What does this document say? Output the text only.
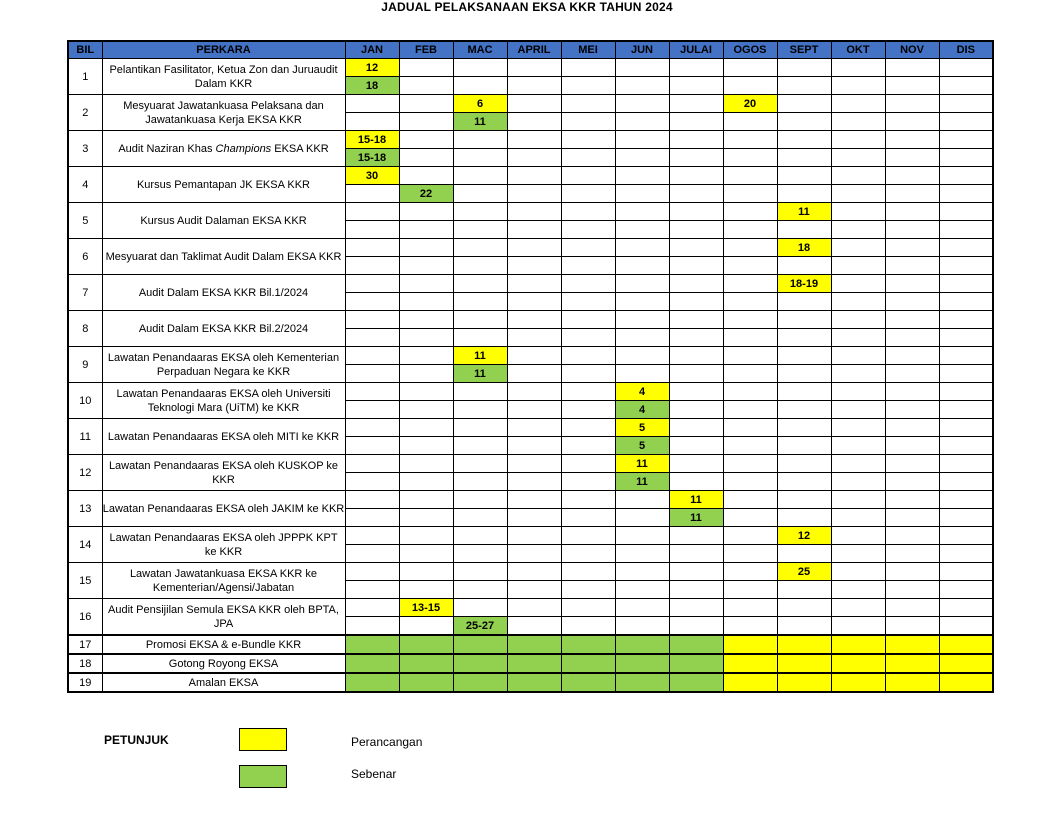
JADUAL PELAKSANAAN EKSA KKR TAHUN 2024
BIL	PERKARA	JAN	FEB	MAC	APRIL	MEI	JUN	JULAI	OGOS	SEPT	OKT	NOV	DIS
1	Pelantikan Fasilitator, Ketua Zon dan Juruaudit Dalam KKR	12											
		18											
2	Mesyuarat Jawatankuasa Pelaksana dan Jawatankuasa Kerja EKSA KKR			6					20				
				11									
3	Audit Naziran Khas Champions EKSA KKR	15-18											
		15-18											
4	Kursus Pemantapan JK EKSA KKR	30											
			22										
5	Kursus Audit Dalaman EKSA KKR									11			

6	Mesyuarat dan Taklimat Audit Dalam EKSA KKR									18			

7	Audit Dalam EKSA KKR Bil.1/2024									18-19			

8	Audit Dalam EKSA KKR Bil.2/2024												

9	Lawatan Penandaaras EKSA oleh Kementerian Perpaduan Negara ke KKR			11									
				11									
10	Lawatan Penandaaras EKSA oleh Universiti Teknologi Mara (UiTM) ke KKR						4						
							4						
11	Lawatan Penandaaras EKSA oleh MITI ke KKR						5						
							5						
12	Lawatan Penandaaras EKSA oleh KUSKOP ke KKR						11						
							11						
13	Lawatan Penandaaras EKSA oleh JAKIM ke KKR							11					
								11					
14	Lawatan Penandaaras EKSA oleh JPPPK KPT ke KKR									12			

15	Lawatan Jawatankuasa EKSA KKR ke Kementerian/Agensi/Jabatan									25			

16	Audit Pensijilan Semula EKSA KKR oleh BPTA, JPA		13-15										
				25-27									
17	Promosi EKSA & e-Bundle KKR												
18	Gotong Royong EKSA												
19	Amalan EKSA												
PETUNJUK	Perancangan
Sebenar
